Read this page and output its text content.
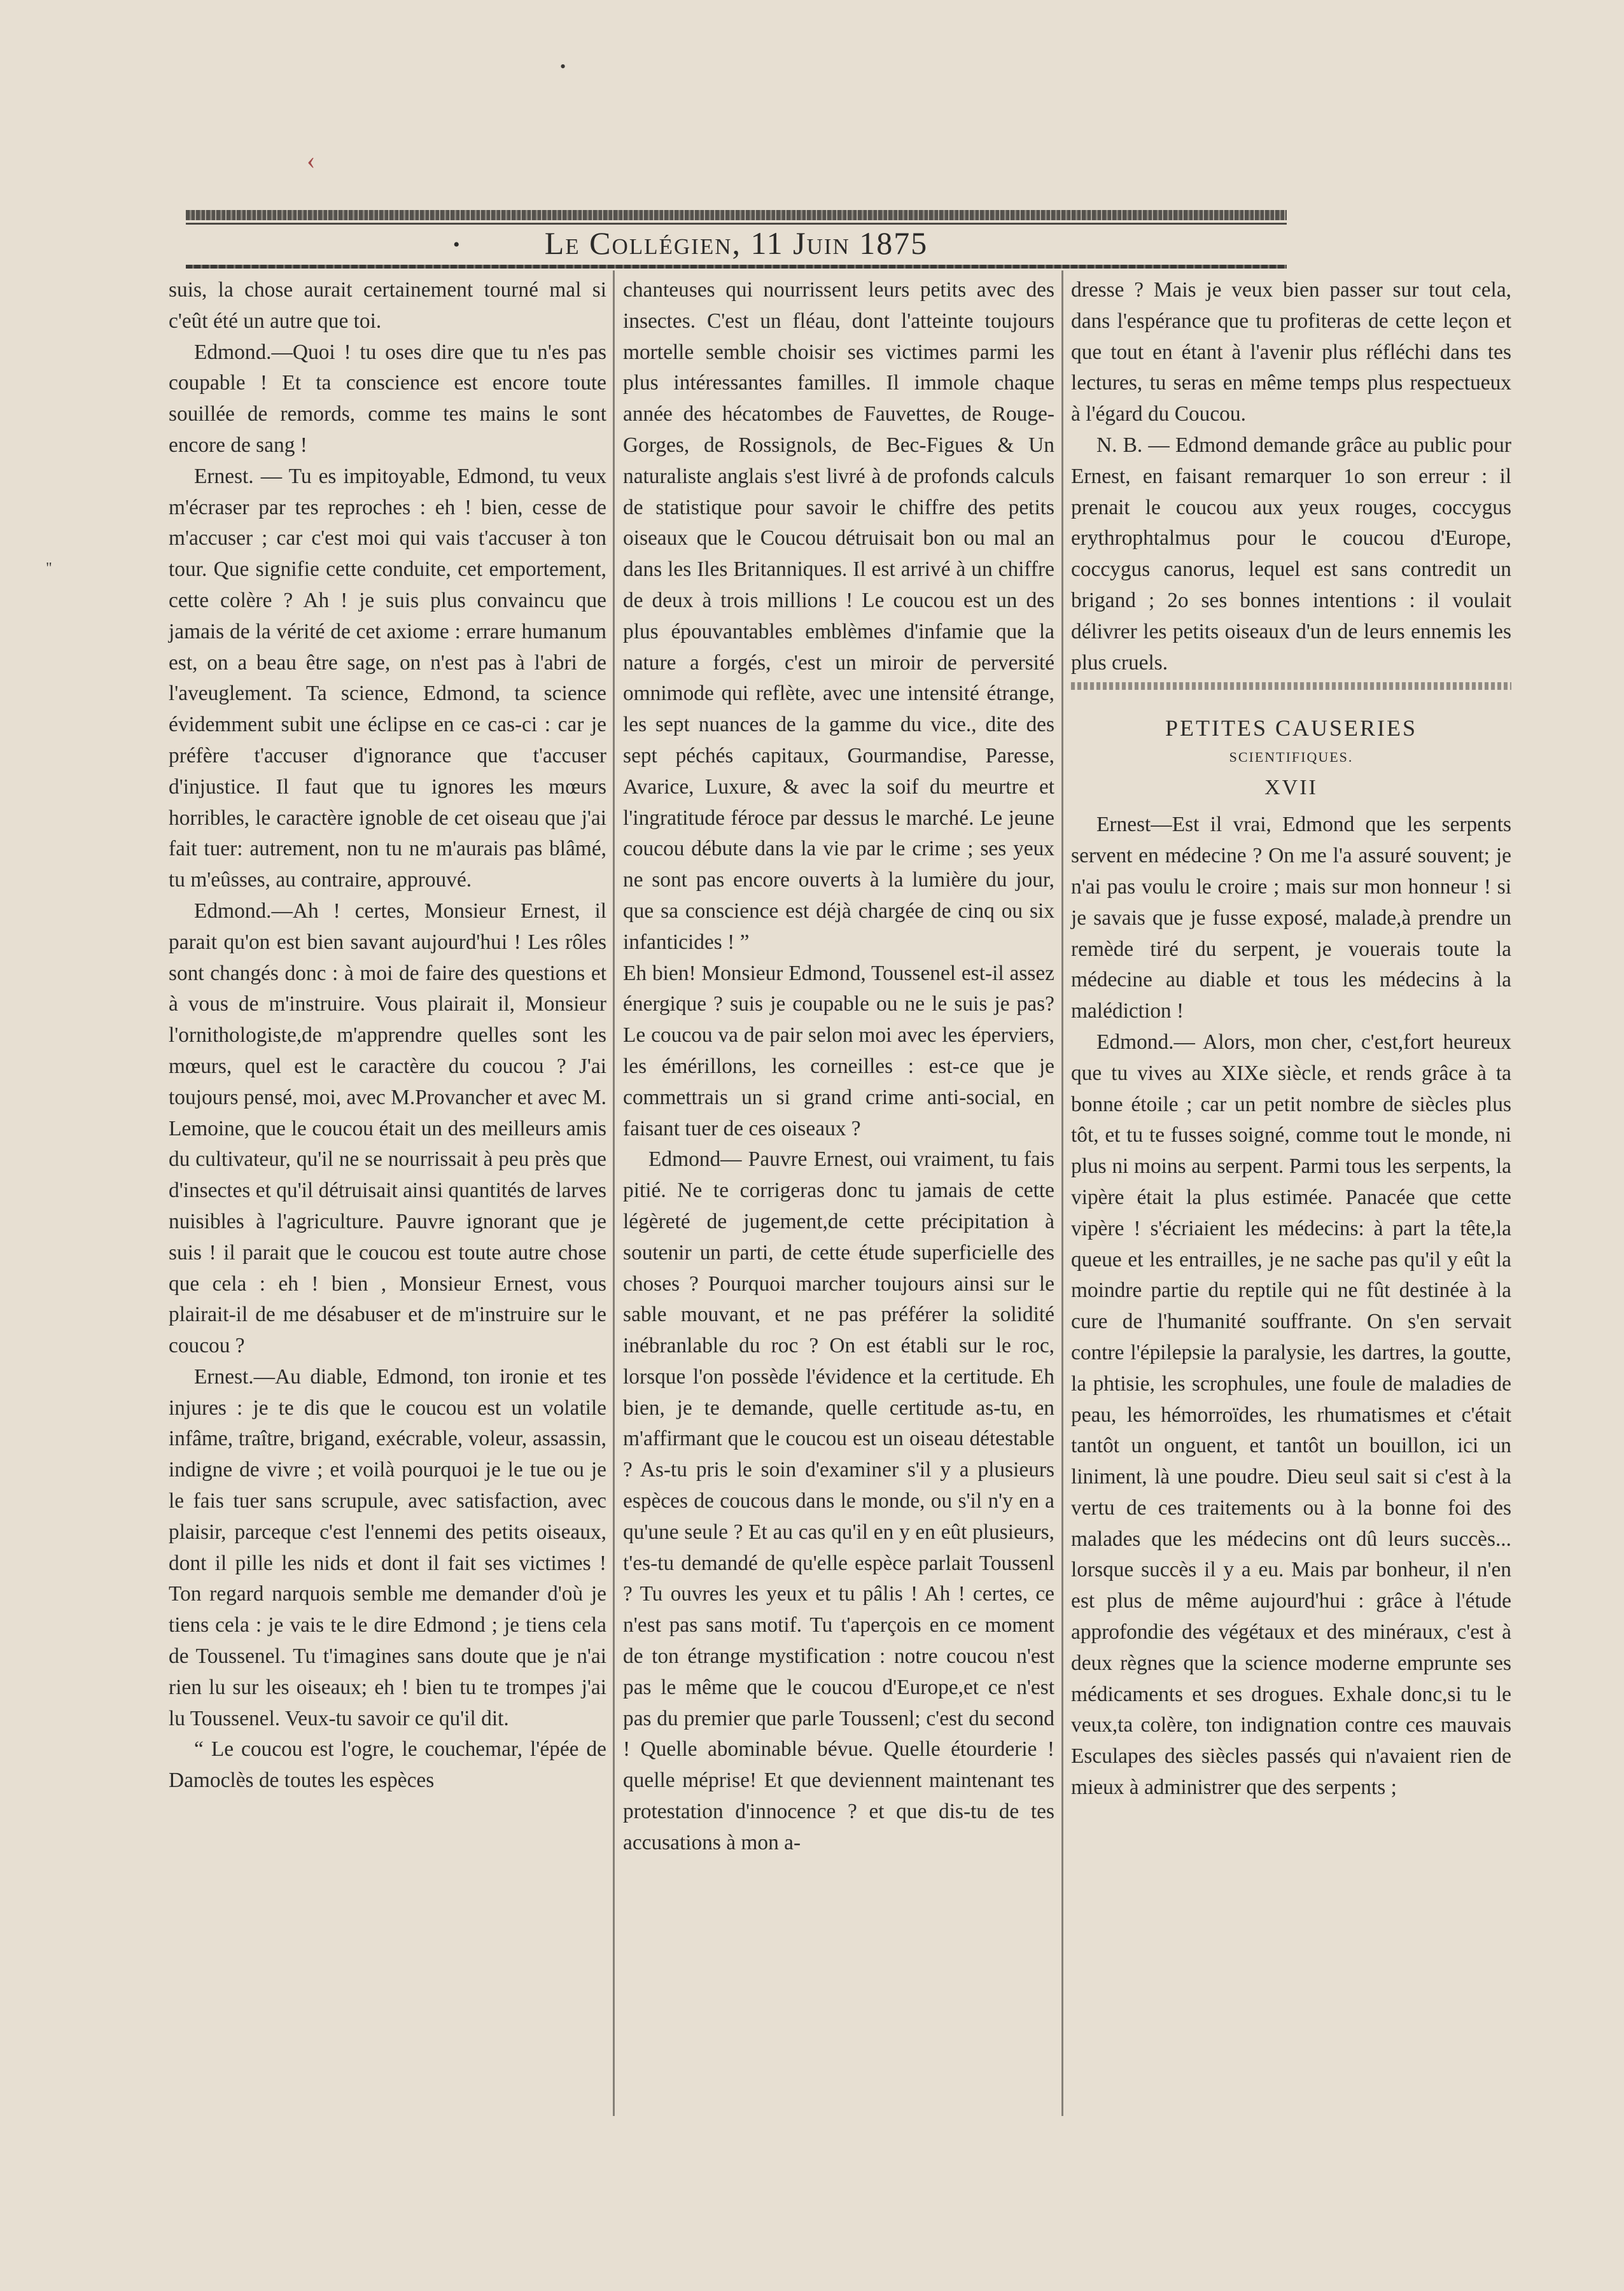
‹
•
"
•	Le Collégien, 11 Juin 1875

suis, la chose aurait certainement tourné mal si c'eût été un autre que toi.

Edmond.—Quoi ! tu oses dire que tu n'es pas coupable ! Et ta conscience est encore toute souillée de remords, comme tes mains le sont encore de sang !

Ernest. — Tu es impitoyable, Edmond, tu veux m'écraser par tes reproches : eh ! bien, cesse de m'accuser ; car c'est moi qui vais t'accuser à ton tour. Que signifie cette conduite, cet emportement, cette colère ? Ah ! je suis plus convaincu que jamais de la vérité de cet axiome : errare humanum est, on a beau être sage, on n'est pas à l'abri de l'aveuglement. Ta science, Edmond, ta science évidemment subit une éclipse en ce cas-ci : car je préfère t'accuser d'ignorance que t'accuser d'injustice. Il faut que tu ignores les mœurs horribles, le caractère ignoble de cet oiseau que j'ai fait tuer: autrement, non tu ne m'aurais pas blâmé, tu m'eûsses, au contraire, approuvé.

Edmond.—Ah ! certes, Monsieur Ernest, il parait qu'on est bien savant aujourd'hui ! Les rôles sont changés donc : à moi de faire des questions et à vous de m'instruire. Vous plairait il, Monsieur l'ornithologiste,de m'apprendre quelles sont les mœurs, quel est le caractère du coucou ? J'ai toujours pensé, moi, avec M.Provancher et avec M. Lemoine, que le coucou était un des meilleurs amis du cultivateur, qu'il ne se nourrissait à peu près que d'insectes et qu'il détruisait ainsi quantités de larves nuisibles à l'agriculture. Pauvre ignorant que je suis ! il parait que le coucou est toute autre chose que cela : eh ! bien , Monsieur Ernest, vous plairait-il de me désabuser et de m'instruire sur le coucou ?

Ernest.—Au diable, Edmond, ton ironie et tes injures : je te dis que le coucou est un volatile infâme, traître, brigand, exécrable, voleur, assassin, indigne de vivre ; et voilà pourquoi je le tue ou je le fais tuer sans scrupule, avec satisfaction, avec plaisir, parceque c'est l'ennemi des petits oiseaux, dont il pille les nids et dont il fait ses victimes ! Ton regard narquois semble me demander d'où je tiens cela : je vais te le dire Edmond ; je tiens cela de Toussenel. Tu t'imagines sans doute que je n'ai rien lu sur les oiseaux; eh ! bien tu te trompes j'ai lu Toussenel. Veux-tu savoir ce qu'il dit.

“ Le coucou est l'ogre, le couchemar, l'épée de Damoclès de toutes les espèces

chanteuses qui nourrissent leurs petits avec des insectes. C'est un fléau, dont l'atteinte toujours mortelle semble choisir ses victimes parmi les plus intéressantes familles. Il immole chaque année des hécatombes de Fauvettes, de Rouge-Gorges, de Rossignols, de Bec-Figues & Un naturaliste anglais s'est livré à de profonds calculs de statistique pour savoir le chiffre des petits oiseaux que le Coucou détruisait bon ou mal an dans les Iles Britanniques. Il est arrivé à un chiffre de deux à trois millions ! Le coucou est un des plus épouvantables emblèmes d'infamie que la nature a forgés, c'est un miroir de perversité omnimode qui reflète, avec une intensité étrange, les sept nuances de la gamme du vice., dite des sept péchés capitaux, Gourmandise, Paresse, Avarice, Luxure, & avec la soif du meurtre et l'ingratitude féroce par dessus le marché. Le jeune coucou débute dans la vie par le crime ; ses yeux ne sont pas encore ouverts à la lumière du jour, que sa conscience est déjà chargée de cinq ou six infanticides ! ”

Eh bien! Monsieur Edmond, Toussenel est-il assez énergique ? suis je coupable ou ne le suis je pas? Le coucou va de pair selon moi avec les éperviers, les émérillons, les corneilles : est-ce que je commettrais un si grand crime anti-social, en faisant tuer de ces oiseaux ?

Edmond— Pauvre Ernest, oui vraiment, tu fais pitié. Ne te corrigeras donc tu jamais de cette légèreté de jugement,de cette précipitation à soutenir un parti, de cette étude superficielle des choses ? Pourquoi marcher toujours ainsi sur le sable mouvant, et ne pas préférer la solidité inébranlable du roc ? On est établi sur le roc, lorsque l'on possède l'évidence et la certitude. Eh bien, je te demande, quelle certitude as-tu, en m'affirmant que le coucou est un oiseau détestable ? As-tu pris le soin d'examiner s'il y a plusieurs espèces de coucous dans le monde, ou s'il n'y en a qu'une seule ? Et au cas qu'il en y en eût plusieurs, t'es-tu demandé de qu'elle espèce parlait Toussenl ? Tu ouvres les yeux et tu pâlis ! Ah ! certes, ce n'est pas sans motif. Tu t'aperçois en ce moment de ton étrange mystification : notre coucou n'est pas le même que le coucou d'Europe,et ce n'est pas du premier que parle Toussenl; c'est du second ! Quelle abominable bévue. Quelle étourderie ! quelle méprise! Et que deviennent maintenant tes protestation d'innocence ? et que dis-tu de tes accusations à mon a-

dresse ? Mais je veux bien passer sur tout cela, dans l'espérance que tu profiteras de cette leçon et que tout en étant à l'avenir plus réfléchi dans tes lectures, tu seras en même temps plus respectueux à l'égard du Coucou.

N. B. — Edmond demande grâce au public pour Ernest, en faisant remarquer 1o son erreur : il prenait le coucou aux yeux rouges, coccygus erythrophtalmus pour le coucou d'Europe, coccygus canorus, lequel est sans contredit un brigand ; 2o ses bonnes intentions : il voulait délivrer les petits oiseaux d'un de leurs ennemis les plus cruels.

PETITES CAUSERIES
SCIENTIFIQUES.
XVII

Ernest—Est il vrai, Edmond que les serpents servent en médecine ? On me l'a assuré souvent; je n'ai pas voulu le croire ; mais sur mon honneur ! si je savais que je fusse exposé, malade,à prendre un remède tiré du serpent, je vouerais toute la médecine au diable et tous les médecins à la malédiction !

Edmond.— Alors, mon cher, c'est,fort heureux que tu vives au XIXe siècle, et rends grâce à ta bonne étoile ; car un petit nombre de siècles plus tôt, et tu te fusses soigné, comme tout le monde, ni plus ni moins au serpent. Parmi tous les serpents, la vipère était la plus estimée. Panacée que cette vipère ! s'écriaient les médecins: à part la tête,la queue et les entrailles, je ne sache pas qu'il y eût la moindre partie du reptile qui ne fût destinée à la cure de l'humanité souffrante. On s'en servait contre l'épilepsie la paralysie, les dartres, la goutte, la phtisie, les scrophules, une foule de maladies de peau, les hémorroïdes, les rhumatismes et c'était tantôt un onguent, et tantôt un bouillon, ici un liniment, là une poudre. Dieu seul sait si c'est à la vertu de ces traitements ou à la bonne foi des malades que les médecins ont dû leurs succès... lorsque succès il y a eu. Mais par bonheur, il n'en est plus de même aujourd'hui : grâce à l'étude approfondie des végétaux et des minéraux, c'est à deux règnes que la science moderne emprunte ses médicaments et ses drogues. Exhale donc,si tu le veux,ta colère, ton indignation contre ces mauvais Esculapes des siècles passés qui n'avaient rien de mieux à administrer que des serpents ;
